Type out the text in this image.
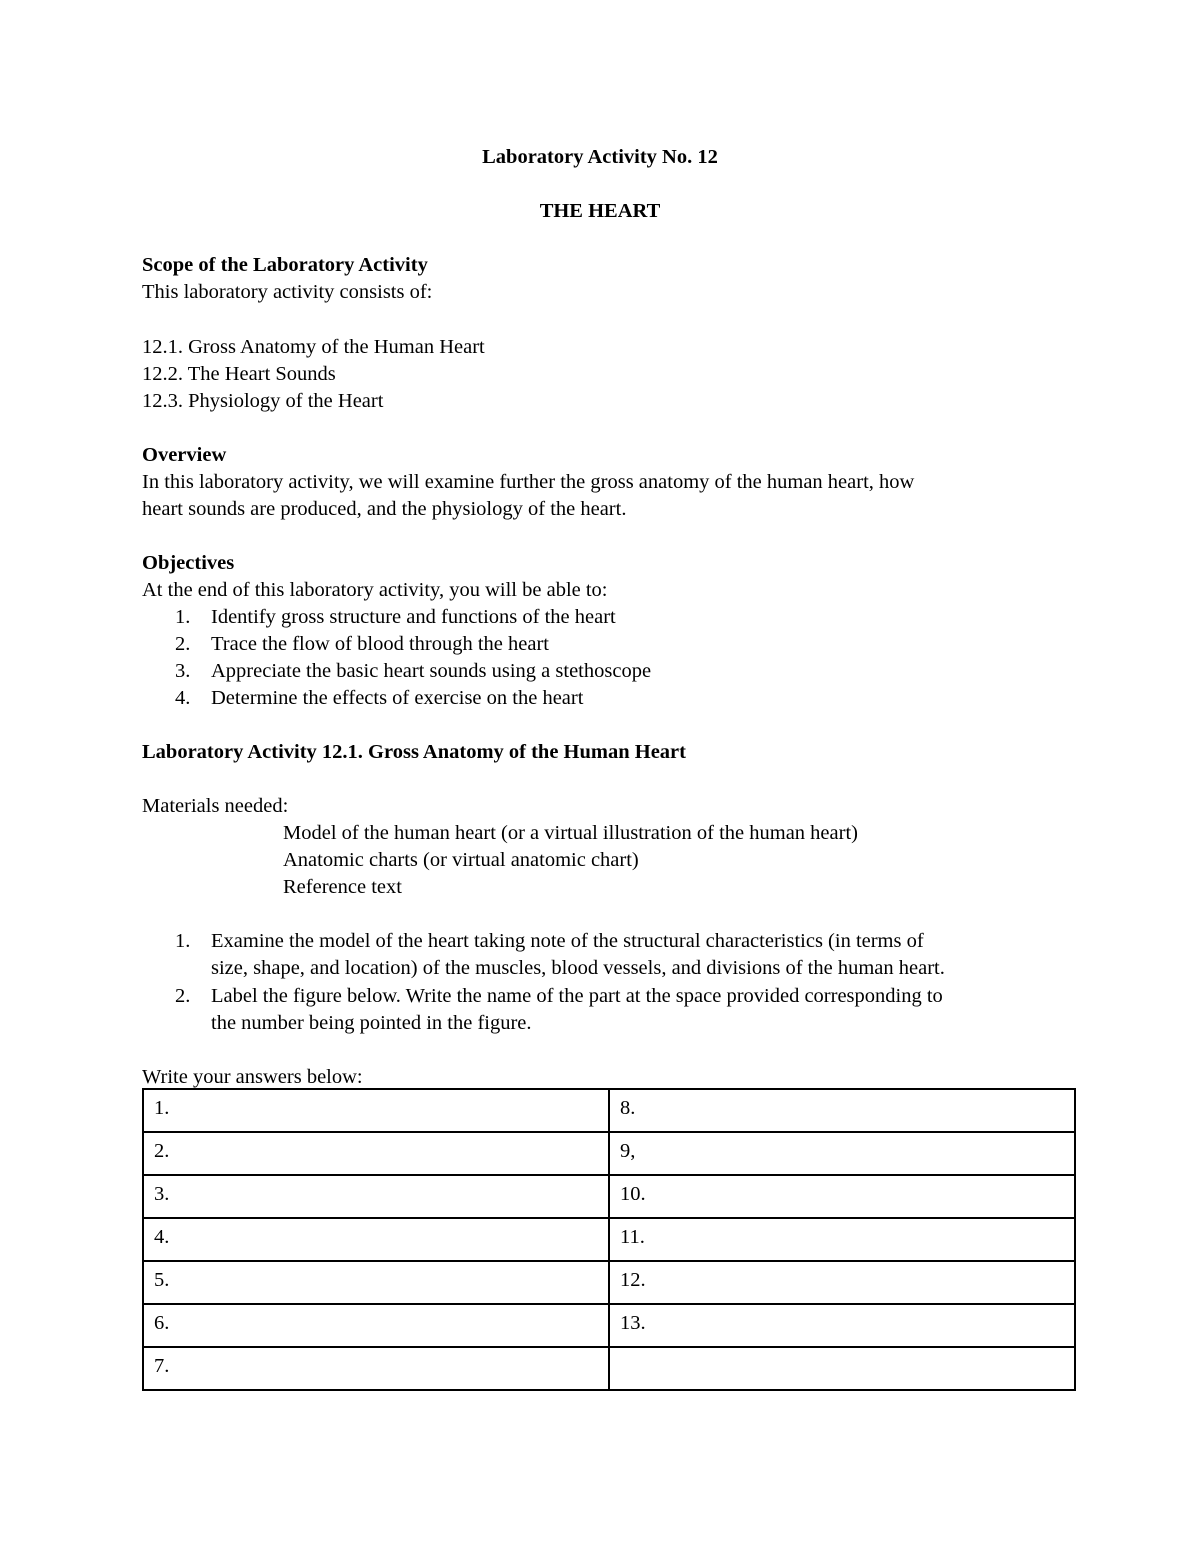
Laboratory Activity No. 12
THE HEART
Scope of the Laboratory Activity
This laboratory activity consists of:
12.1. Gross Anatomy of the Human Heart
12.2. The Heart Sounds
12.3. Physiology of the Heart
Overview
In this laboratory activity, we will examine further the gross anatomy of the human heart, how
heart sounds are produced, and the physiology of the heart.
Objectives
At the end of this laboratory activity, you will be able to:
1. Identify gross structure and functions of the heart
2. Trace the flow of blood through the heart
3. Appreciate the basic heart sounds using a stethoscope
4. Determine the effects of exercise on the heart
Laboratory Activity 12.1. Gross Anatomy of the Human Heart
Materials needed:
Model of the human heart (or a virtual illustration of the human heart)
Anatomic charts (or virtual anatomic chart)
Reference text
1. Examine the model of the heart taking note of the structural characteristics (in terms of
size, shape, and location) of the muscles, blood vessels, and divisions of the human heart.
2. Label the figure below. Write the name of the part at the space provided corresponding to
the number being pointed in the figure.
Write your answers below:
1.	8.
2.	9,
3.	10.
4.	11.
5.	12.
6.	13.
7.	
